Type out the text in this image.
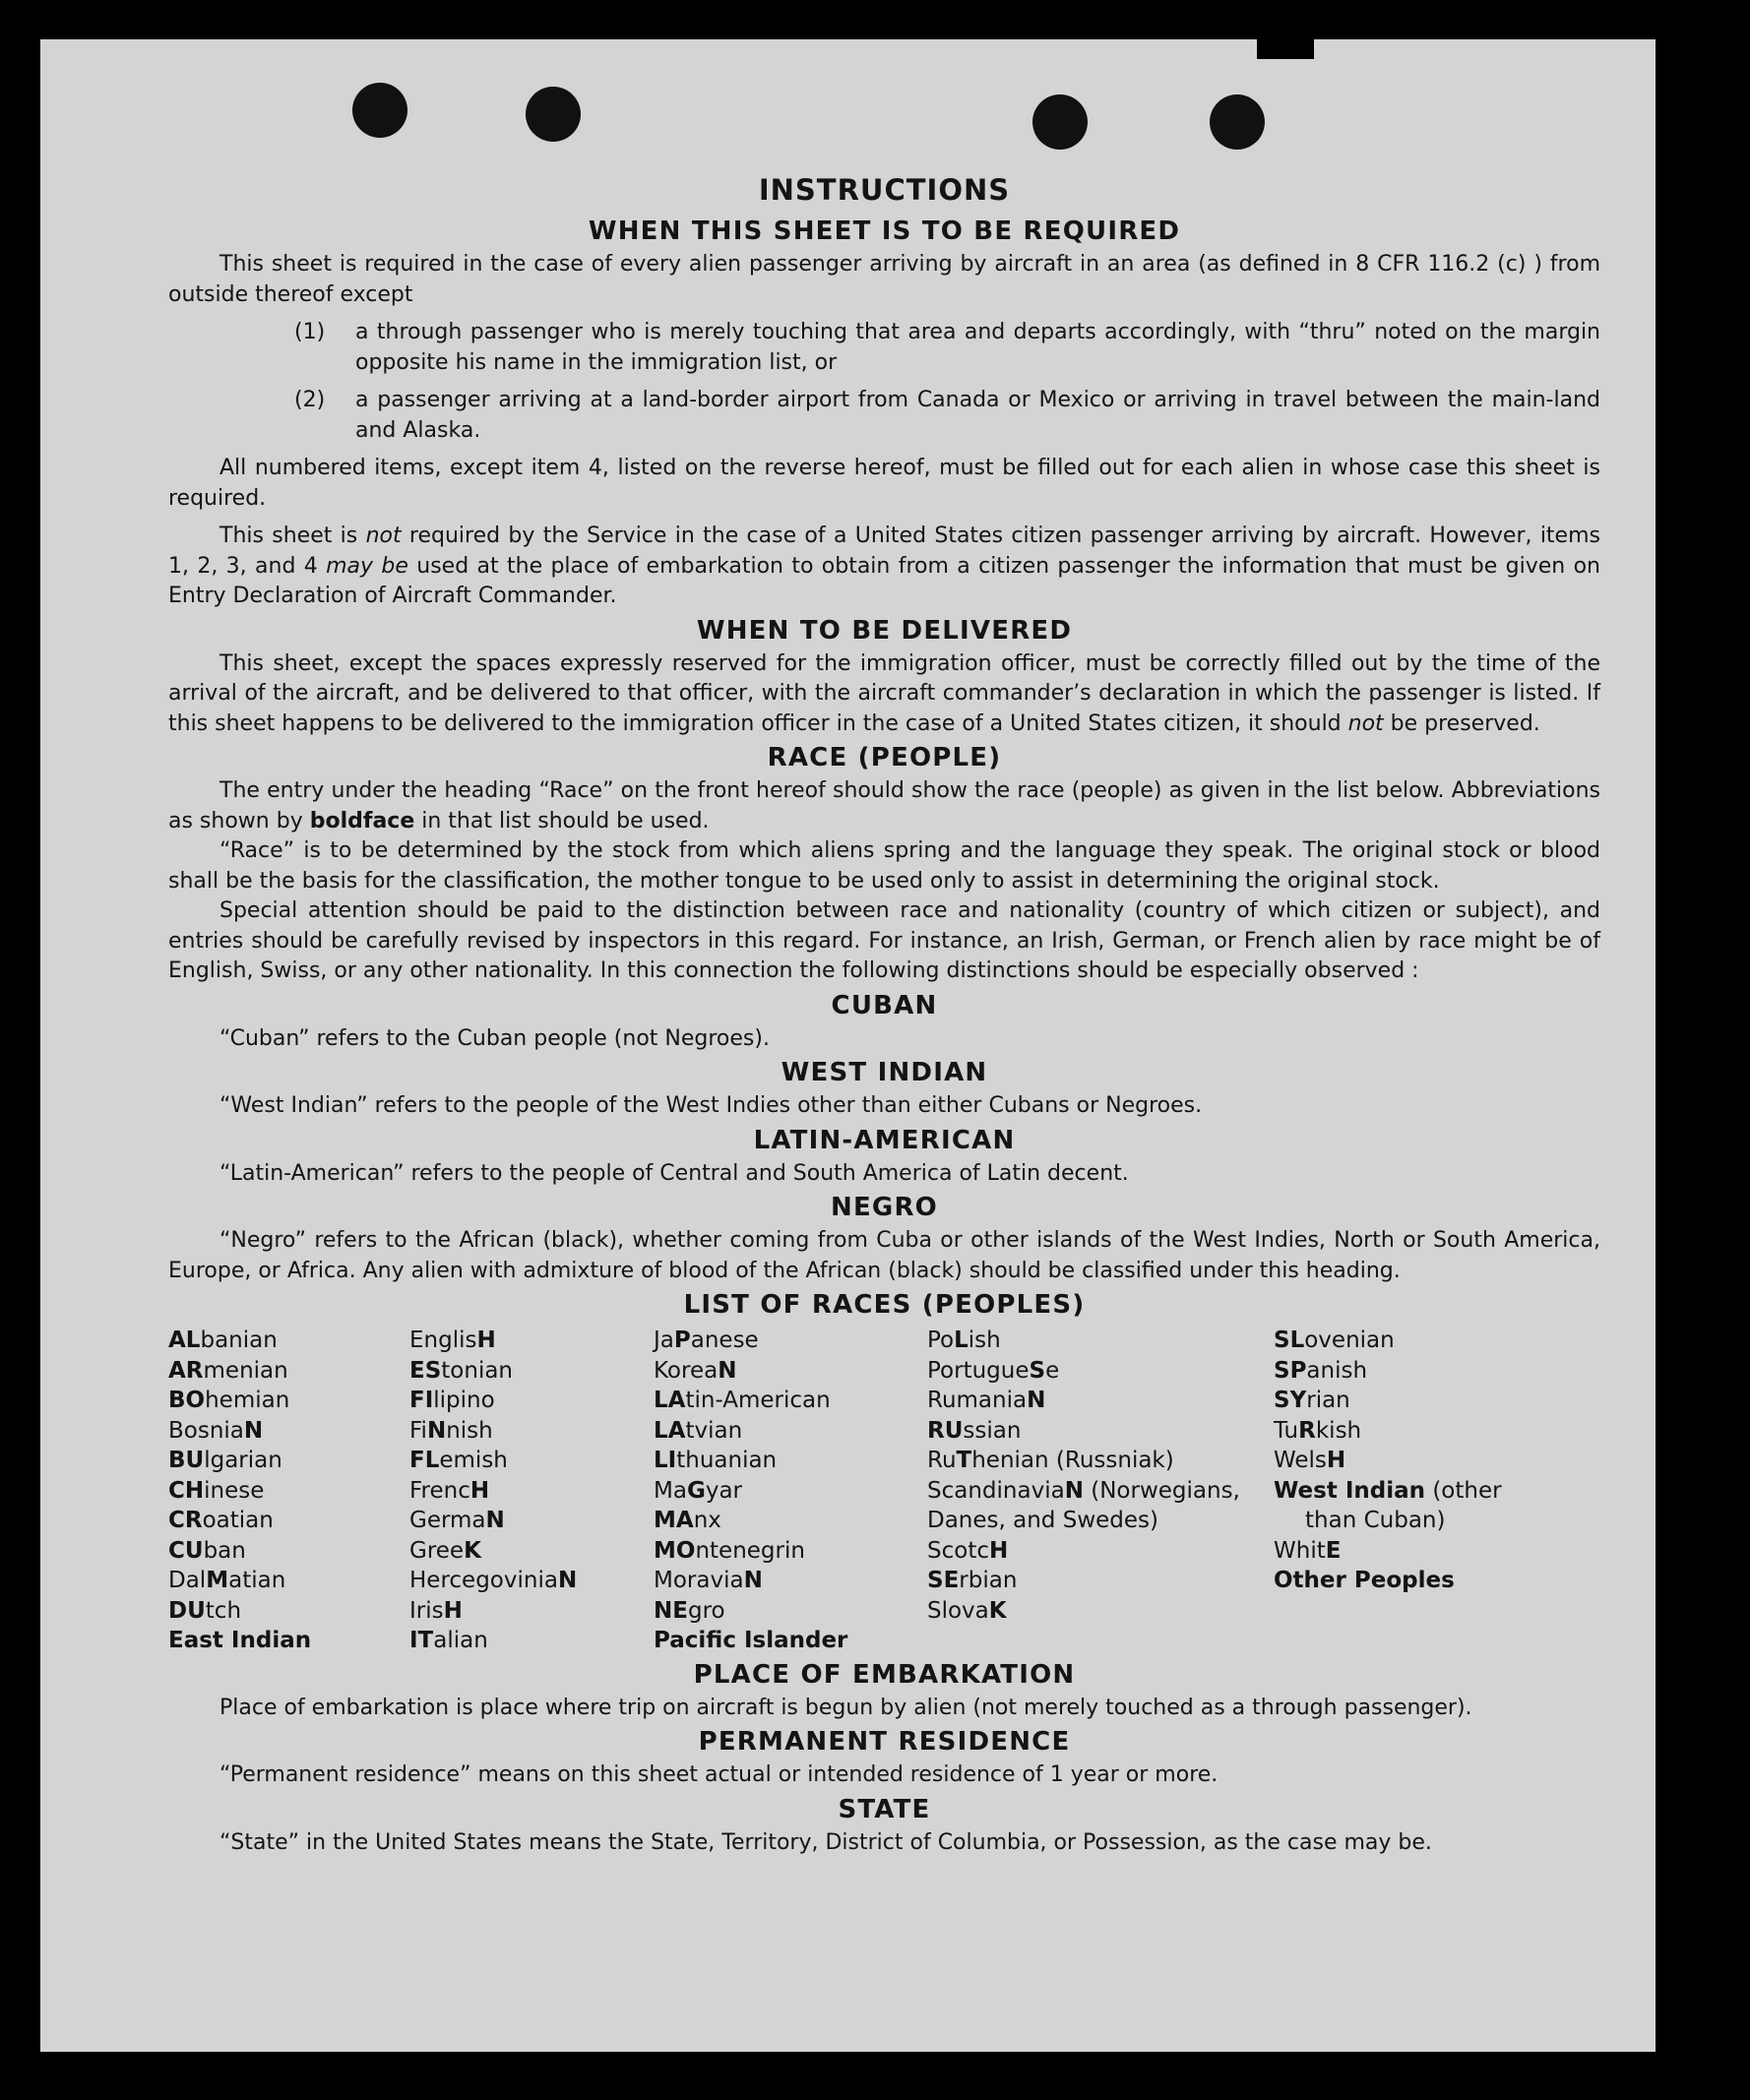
INSTRUCTIONS
WHEN THIS SHEET IS TO BE REQUIRED

This sheet is required in the case of every alien passenger arriving by aircraft in an area (as defined in 8 CFR 116.2 (c) ) from outside thereof except

(1)	a through passenger who is merely touching that area and departs accordingly, with “thru” noted on the margin opposite his name in the immigration list, or
(2)	a passenger arriving at a land-border airport from Canada or Mexico or arriving in travel between the main-land and Alaska.

All numbered items, except item 4, listed on the reverse hereof, must be filled out for each alien in whose case this sheet is required.

This sheet is not required by the Service in the case of a United States citizen passenger arriving by aircraft. However, items 1, 2, 3, and 4 may be used at the place of embarkation to obtain from a citizen passenger the information that must be given on Entry Declaration of Aircraft Commander.

WHEN TO BE DELIVERED

This sheet, except the spaces expressly reserved for the immigration officer, must be correctly filled out by the time of the arrival of the aircraft, and be delivered to that officer, with the aircraft commander’s declaration in which the passenger is listed. If this sheet happens to be delivered to the immigration officer in the case of a United States citizen, it should not be preserved.

RACE (PEOPLE)

The entry under the heading “Race” on the front hereof should show the race (people) as given in the list below. Abbreviations as shown by boldface in that list should be used.

“Race” is to be determined by the stock from which aliens spring and the language they speak. The original stock or blood shall be the basis for the classification, the mother tongue to be used only to assist in determining the original stock.

Special attention should be paid to the distinction between race and nationality (country of which citizen or subject), and entries should be carefully revised by inspectors in this regard. For instance, an Irish, German, or French alien by race might be of English, Swiss, or any other nationality. In this connection the following distinctions should be especially observed :

CUBAN
“Cuban” refers to the Cuban people (not Negroes).
WEST INDIAN
“West Indian” refers to the people of the West Indies other than either Cubans or Negroes.
LATIN-AMERICAN
“Latin-American” refers to the people of Central and South America of Latin decent.
NEGRO

“Negro” refers to the African (black), whether coming from Cuba or other islands of the West Indies, North or South America, Europe, or Africa. Any alien with admixture of blood of the African (black) should be classified under this heading.

LIST OF RACES (PEOPLES)
ALbanian
ARmenian
BOhemian
BosniaN
BUlgarian
CHinese
CRoatian
CUban
DalMatian
DUtch
East Indian
EnglisH
EStonian
FIlipino
FiNnish
FLemish
FrencH
GermaN
GreeK
HercegoviniaN
IrisH
ITalian
JaPanese
KoreaN
LAtin-American
LAtvian
LIthuanian
MaGyar
MAnx
MOntenegrin
MoraviaN
NEgro
Pacific Islander
PoLish
PortugueSe
RumaniaN
RUssian
RuThenian (Russniak)
ScandinaviaN (Norwegians, Danes, and Swedes)
ScotcH
SErbian
SlovaK
SLovenian
SPanish
SYrian
TuRkish
WelsH
West Indian (other
than Cuban)
WhitE
Other Peoples
PLACE OF EMBARKATION
Place of embarkation is place where trip on aircraft is begun by alien (not merely touched as a through passenger).
PERMANENT RESIDENCE
“Permanent residence” means on this sheet actual or intended residence of 1 year or more.
STATE
“State” in the United States means the State, Territory, District of Columbia, or Possession, as the case may be.
